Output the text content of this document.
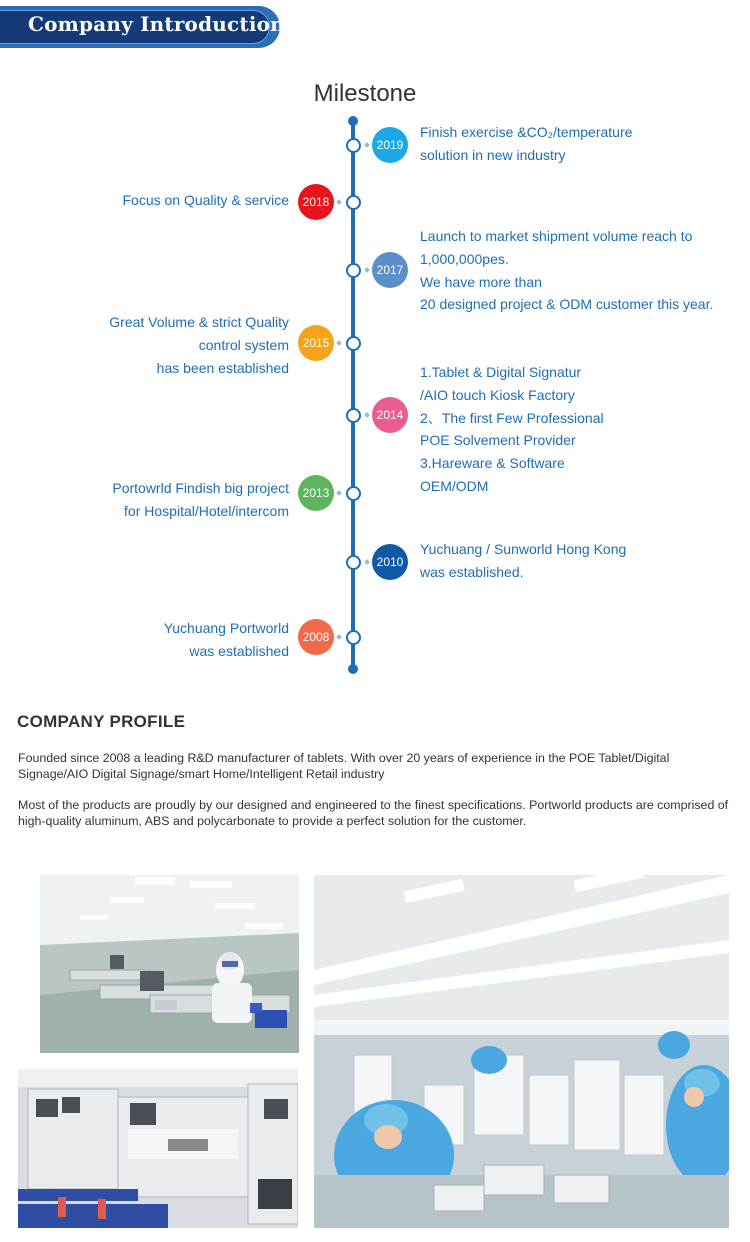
Company Introduction
Milestone
2019
Finish exercise &CO₂/temperature
solution in new industry
2018
Focus on Quality & service
2017
Launch to market shipment volume reach to
1,000,000pes.
We have more than
20 designed project & ODM customer this year.
2015
Great Volume & strict Quality
control system
has been established
2014
1.Tablet & Digital Signatur
/AIO touch Kiosk Factory
2、The first Few Professional
POE Solvement Provider
3.Hareware & Software
OEM/ODM
2013
Portowrld Findish big project
for Hospital/Hotel/intercom
2010
Yuchuang / Sunworld Hong Kong
was established.
2008
Yuchuang Portworld
was established
COMPANY PROFILE
Founded since 2008 a leading R&D manufacturer of tablets. With over 20 years of experience in the POE Tablet/Digital Signage/AIO Digital Signage/smart Home/Intelligent Retail industry
Most of the products are proudly by our designed and engineered to the finest specifications. Portworld products are comprised of high-quality aluminum, ABS and polycarbonate to provide a perfect solution for the customer.
